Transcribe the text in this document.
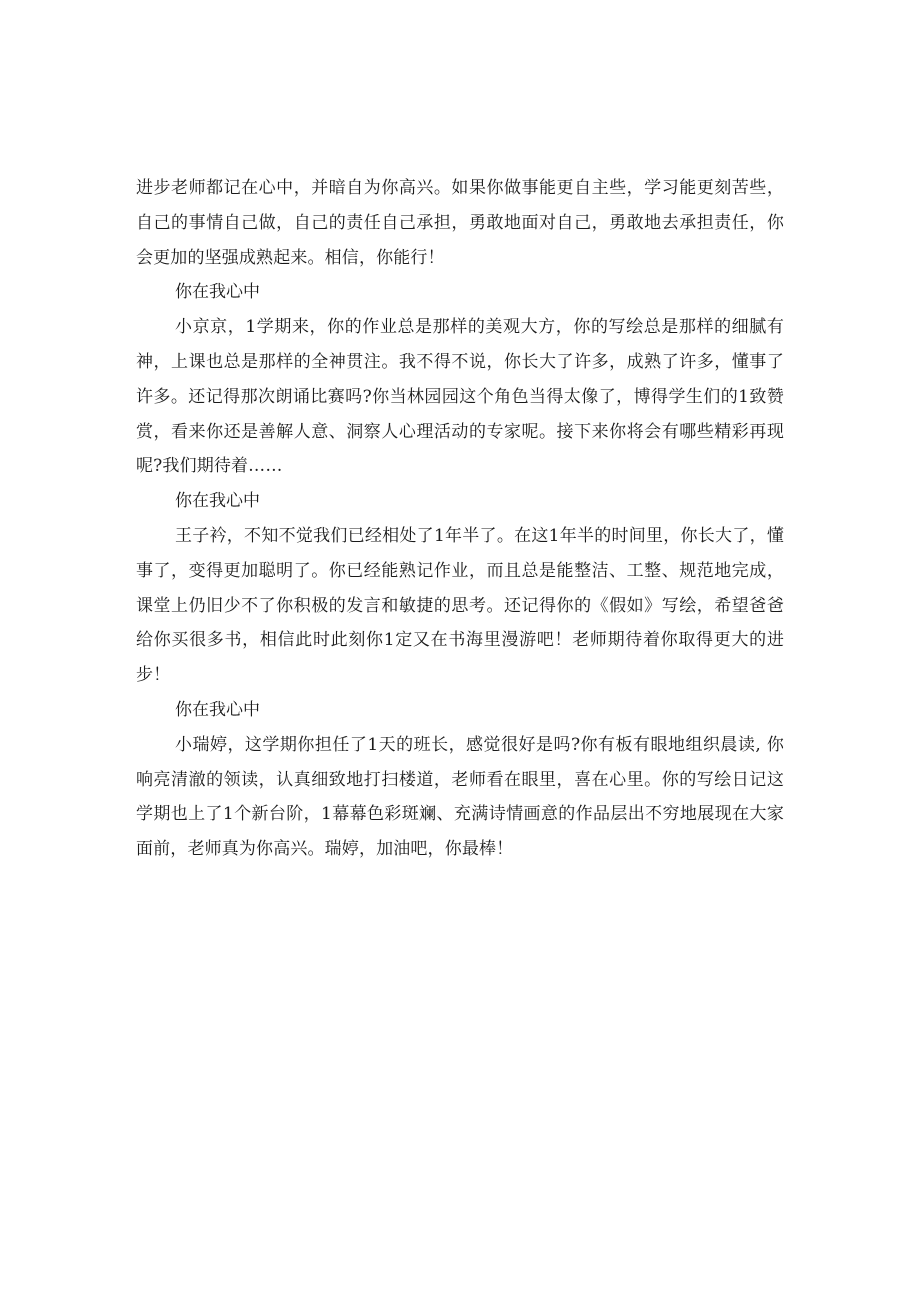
进步老师都记在心中，并暗自为你高兴。如果你做事能更自主些，学习能更刻苦些，自己的事情自己做，自己的责任自己承担，勇敢地面对自己，勇敢地去承担责任，你会更加的坚强成熟起来。相信，你能行！

你在我心中

小京京，1学期来，你的作业总是那样的美观大方，你的写绘总是那样的细腻有神，上课也总是那样的全神贯注。我不得不说，你长大了许多，成熟了许多，懂事了许多。还记得那次朗诵比赛吗?你当林园园这个角色当得太像了，博得学生们的1致赞赏，看来你还是善解人意、洞察人心理活动的专家呢。接下来你将会有哪些精彩再现呢?我们期待着……

你在我心中

王子衿，不知不觉我们已经相处了1年半了。在这1年半的时间里，你长大了，懂事了，变得更加聪明了。你已经能熟记作业，而且总是能整洁、工整、规范地完成，课堂上仍旧少不了你积极的发言和敏捷的思考。还记得你的《假如》写绘，希望爸爸给你买很多书，相信此时此刻你1定又在书海里漫游吧！老师期待着你取得更大的进步！

你在我心中

小瑞婷，这学期你担任了1天的班长，感觉很好是吗?你有板有眼地组织晨读, 你响亮清澈的领读，认真细致地打扫楼道，老师看在眼里，喜在心里。你的写绘日记这学期也上了1个新台阶，1幕幕色彩斑斓、充满诗情画意的作品层出不穷地展现在大家面前，老师真为你高兴。瑞婷，加油吧，你最棒！
